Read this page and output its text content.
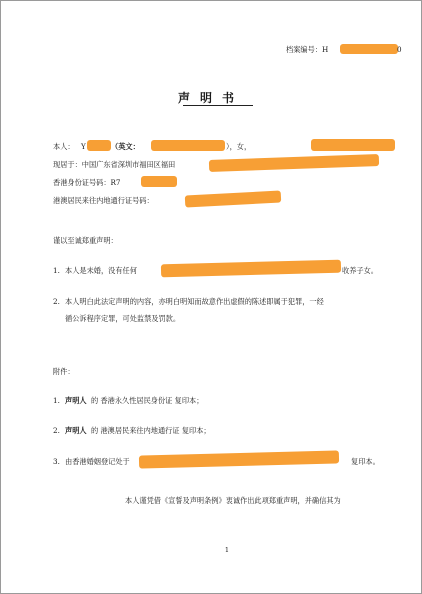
档案编号：H	0
声明书
本人： Y	（英文：	），女，
现居于：中国广东省深圳市福田区福田
香港身份证号码：R7
港澳居民来往内地通行证号码：
谨以至诚郑重声明：
1. 本人是未婚，没有任何	收养子女。
2. 本人明白此法定声明的内容，亦明白明知而故意作出虚假的陈述即属于犯罪，一经
循公诉程序定罪，可处监禁及罚款。
附件：
1. 声明人 的 香港永久性居民身份证 复印本；
2. 声明人 的 港澳居民来往内地通行证 复印本；
3. 由香港婚姻登记处于	复印本。
本人谨凭借《宣誓及声明条例》衷诚作出此项郑重声明，并确信其为
1
